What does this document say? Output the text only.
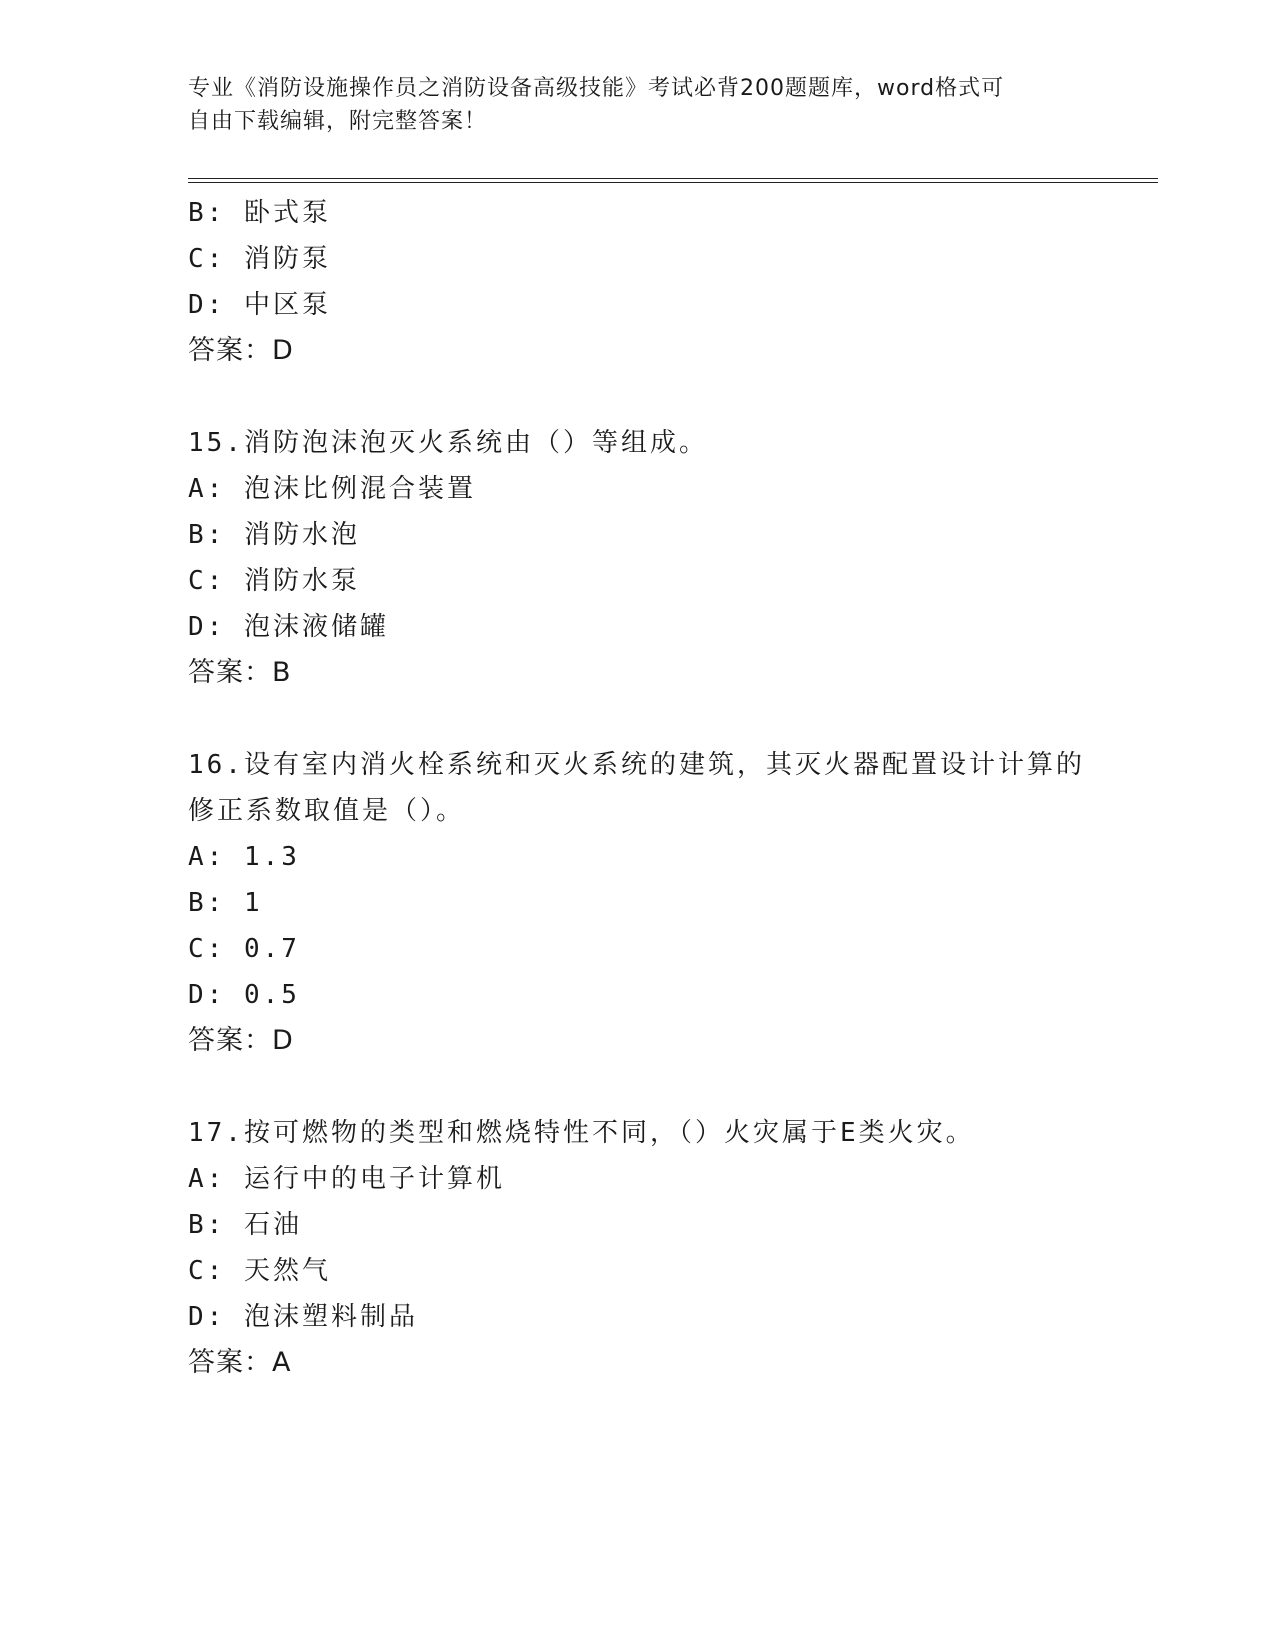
专业《消防设施操作员之消防设备高级技能》考试必背200题题库，word格式可
自由下载编辑，附完整答案！
B: 卧式泵
C: 消防泵
D: 中区泵
答案：D
15.消防泡沫泡灭火系统由（）等组成。
A: 泡沫比例混合装置
B: 消防水泡
C: 消防水泵
D: 泡沫液储罐
答案：B
16.设有室内消火栓系统和灭火系统的建筑，其灭火器配置设计计算的
修正系数取值是（）。
A: 1.3
B: 1
C: 0.7
D: 0.5
答案：D
17.按可燃物的类型和燃烧特性不同，（）火灾属于E类火灾。
A: 运行中的电子计算机
B: 石油
C: 天然气
D: 泡沫塑料制品
答案：A
